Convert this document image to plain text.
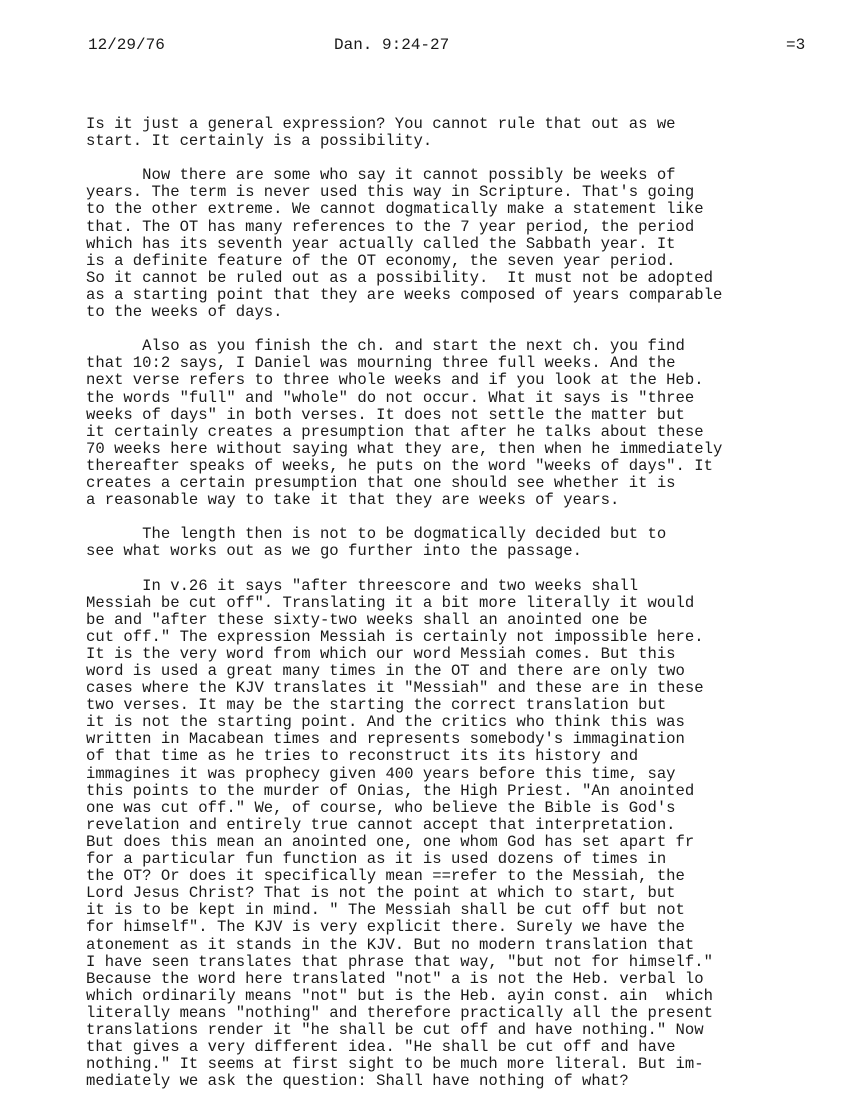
12/29/76	Dan. 9:24-27	=3
Is it just a general expression? You cannot rule that out as we
start. It certainly is a possibility.
Now there are some who say it cannot possibly be weeks of
years. The term is never used this way in Scripture. That's going
to the other extreme. We cannot dogmatically make a statement like
that. The OT has many references to the 7 year period, the period
which has its seventh year actually called the Sabbath year. It
is a definite feature of the OT economy, the seven year period.
So it cannot be ruled out as a possibility.  It must not be adopted
as a starting point that they are weeks composed of years comparable
to the weeks of days.
Also as you finish the ch. and start the next ch. you find
that 10:2 says, I Daniel was mourning three full weeks. And the
next verse refers to three whole weeks and if you look at the Heb.
the words "full" and "whole" do not occur. What it says is "three
weeks of days" in both verses. It does not settle the matter but
it certainly creates a presumption that after he talks about these
70 weeks here without saying what they are, then when he immediately
thereafter speaks of weeks, he puts on the word "weeks of days". It
creates a certain presumption that one should see whether it is
a reasonable way to take it that they are weeks of years.
The length then is not to be dogmatically decided but to
see what works out as we go further into the passage.
In v.26 it says "after threescore and two weeks shall
Messiah be cut off". Translating it a bit more literally it would
be and "after these sixty-two weeks shall an anointed one be
cut off." The expression Messiah is certainly not impossible here.
It is the very word from which our word Messiah comes. But this
word is used a great many times in the OT and there are only two
cases where the KJV translates it "Messiah" and these are in these
two verses. It may be the starting the correct translation but
it is not the starting point. And the critics who think this was
written in Macabean times and represents somebody's immagination
of that time as he tries to reconstruct its its history and
immagines it was prophecy given 400 years before this time, say
this points to the murder of Onias, the High Priest. "An anointed
one was cut off." We, of course, who believe the Bible is God's
revelation and entirely true cannot accept that interpretation.
But does this mean an anointed one, one whom God has set apart fr
for a particular fun function as it is used dozens of times in
the OT? Or does it specifically mean ==refer to the Messiah, the
Lord Jesus Christ? That is not the point at which to start, but
it is to be kept in mind. " The Messiah shall be cut off but not
for himself". The KJV is very explicit there. Surely we have the
atonement as it stands in the KJV. But no modern translation that
I have seen translates that phrase that way, "but not for himself."
Because the word here translated "not" a is not the Heb. verbal lo
which ordinarily means "not" but is the Heb. ayin const. ain  which
literally means "nothing" and therefore practically all the present
translations render it "he shall be cut off and have nothing." Now
that gives a very different idea. "He shall be cut off and have
nothing." It seems at first sight to be much more literal. But im-
mediately we ask the question: Shall have nothing of what?
